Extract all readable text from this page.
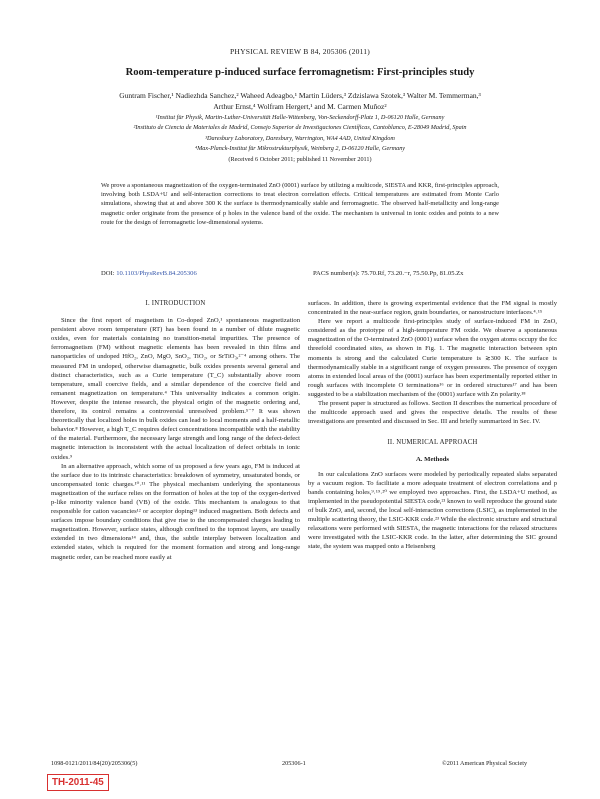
PHYSICAL REVIEW B 84, 205306 (2011)
Room-temperature p-induced surface ferromagnetism: First-principles study
Guntram Fischer,¹ Nadiezhda Sanchez,² Waheed Adeagbo,¹ Martin Lüders,³ Zdzislawa Szotek,³ Walter M. Temmerman,³
Arthur Ernst,⁴ Wolfram Hergert,¹ and M. Carmen Muñoz²
¹Institut für Physik, Martin-Luther-Universität Halle-Wittenberg, Von-Seckendorff-Platz 1, D-06120 Halle, Germany
²Instituto de Ciencia de Materiales de Madrid, Consejo Superior de Investigaciones Científicas, Cantoblanco, E-28049 Madrid, Spain
³Daresbury Laboratory, Daresbury, Warrington, WA4 4AD, United Kingdom
⁴Max-Planck-Institut für Mikrostrukturphysik, Weinberg 2, D-06120 Halle, Germany
(Received 6 October 2011; published 11 November 2011)
We prove a spontaneous magnetization of the oxygen-terminated ZnO (0001) surface by utilizing a multicode, SIESTA and KKR, first-principles approach, involving both LSDA+U and self-interaction corrections to treat electron correlation effects. Critical temperatures are estimated from Monte Carlo simulations, showing that at and above 300 K the surface is thermodynamically stable and ferromagnetic. The observed half-metallicity and long-range magnetic order originate from the presence of p holes in the valence band of the oxide. The mechanism is universal in ionic oxides and points to a new route for the design of ferromagnetic low-dimensional systems.
DOI: 10.1103/PhysRevB.84.205306	PACS number(s): 75.70.Rf, 73.20.−r, 75.50.Pp, 81.05.Zx
I. INTRODUCTION

Since the first report of magnetism in Co-doped ZnO,¹ spontaneous magnetization persistent above room temperature (RT) has been found in a number of dilute magnetic oxides, even for materials containing no transition-metal impurities. The presence of ferromagnetism (FM) without magnetic elements has been revealed in thin films and nanoparticles of undoped HfO₂, ZnO, MgO, SnO₂, TiO₂, or SrTiO₃,²⁻⁴ among others. The measured FM in undoped, otherwise diamagnetic, bulk oxides presents several general and distinct characteristics, such as a Curie temperature (T_C) substantially above room temperature, small coercive fields, and a similar dependence of the coercive field and remanent magnetization on temperature.⁴ This universality indicates a common origin. However, despite the intense research, the physical origin of the magnetic ordering and, therefore, its control remains a controversial unresolved problem.⁵⁻⁷ It was shown theoretically that localized holes in bulk oxides can lead to local moments and a half-metallic behavior.⁸ However, a high T_C requires defect concentrations incompatible with the stability of the material. Furthermore, the necessary large strength and long range of the defect-defect magnetic interaction is inconsistent with the actual localization of defect orbitals in ionic oxides.⁹

In an alternative approach, which some of us proposed a few years ago, FM is induced at the surface due to its intrinsic characteristics: breakdown of symmetry, unsaturated bonds, or uncompensated ionic charges.¹⁰˒¹¹ The physical mechanism underlying the spontaneous magnetization of the surface relies on the formation of holes at the top of the oxygen-derived p-like minority valence band (VB) of the oxide. This mechanism is analogous to that responsible for cation vacancies¹² or acceptor doping¹³ induced magnetism. Both defects and surfaces impose boundary conditions that give rise to the uncompensated charges leading to magnetization. However, surface states, although confined to the topmost layers, are usually extended in two dimensions¹⁴ and, thus, the subtle interplay between localization and extended states, which is required for the moment formation and strong and long-range magnetic order, can be reached more easily at

surfaces. In addition, there is growing experimental evidence that the FM signal is mostly concentrated in the near-surface region, grain boundaries, or nanostructure interfaces.⁴˒¹⁵

Here we report a multicode first-principles study of surface-induced FM in ZnO, considered as the prototype of a high-temperature FM oxide. We observe a spontaneous magnetization of the O-terminated ZnO (0001) surface when the oxygen atoms occupy the fcc threefold coordinated sites, as shown in Fig. 1. The magnetic interaction between spin moments is strong and the calculated Curie temperature is ≳300 K. The surface is thermodynamically stable in a significant range of oxygen pressures. The presence of oxygen atoms in extended local areas of the (0001) surface has been experimentally reported either in rough surfaces with incomplete O terminations¹⁶ or in ordered structures¹⁷ and has been suggested to be a stabilization mechanism of the (0001) surface with Zn polarity.¹⁸

The present paper is structured as follows. Section II describes the numerical procedure of the multicode approach used and gives the respective details. The results of these investigations are presented and discussed in Sec. III and briefly summarized in Sec. IV.

II. NUMERICAL APPROACH
A. Methods

In our calculations ZnO surfaces were modeled by periodically repeated slabs separated by a vacuum region. To facilitate a more adequate treatment of electron correlations and p bands containing holes,⁹˒¹⁹˒²⁰ we employed two approaches. First, the LSDA+U method, as implemented in the pseudopotential SIESTA code,²¹ known to well reproduce the ground state of bulk ZnO, and, second, the local self-interaction corrections (LSIC), as implemented in the multiple scattering theory, the LSIC-KKR code.²³ While the electronic structure and structural relaxations were performed with SIESTA, the magnetic interactions for the relaxed structures were investigated with the LSIC-KKR code. In the latter, after determining the SIC ground state, the system was mapped onto a Heisenberg

1098-0121/2011/84(20)/205306(5)	205306-1	©2011 American Physical Society
TH-2011-45
